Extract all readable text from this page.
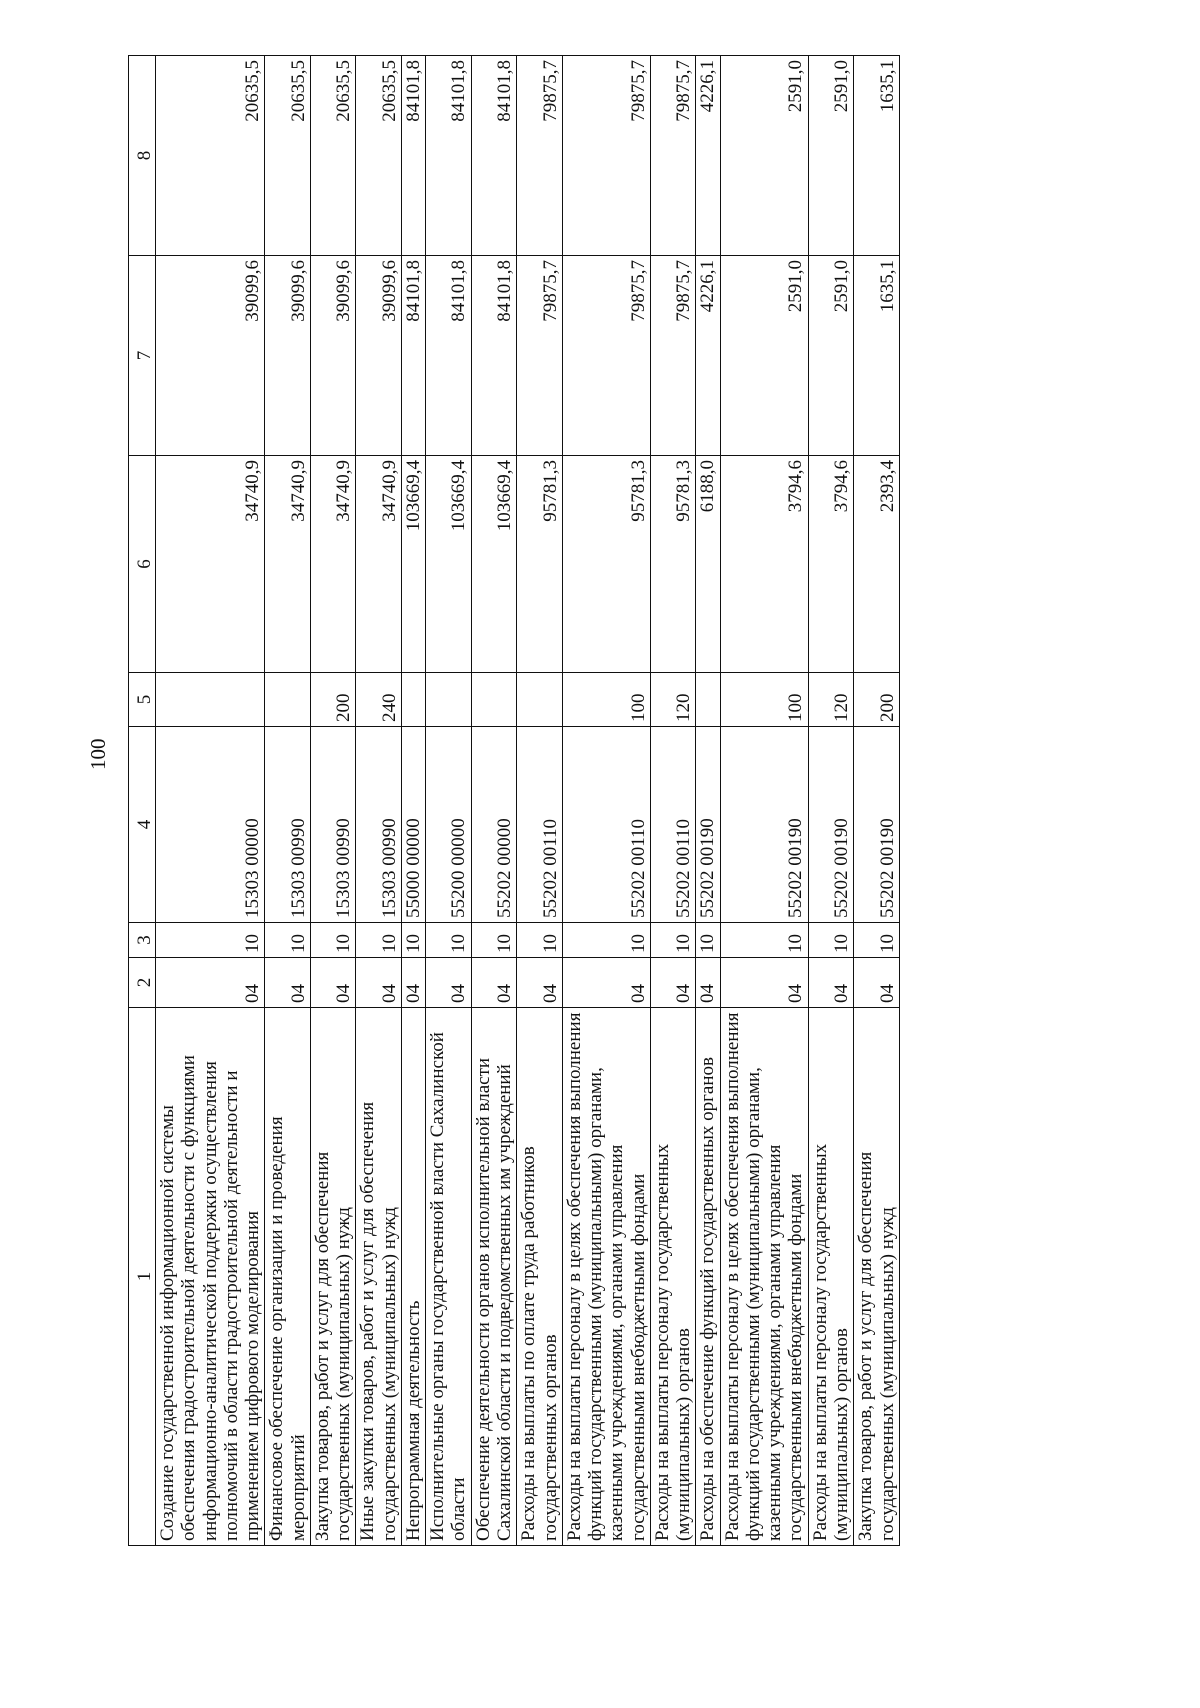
100
1	2	3	4	5	6	7	8
Создание государственной информационной системы обеспечения градостроительной деятельности с функциями информационно-аналитической поддержки осуществления полномочий в области градостроительной деятельности и применением цифрового моделирования	04	10	15303 00000		34740,9	39099,6	20635,5
Финансовое обеспечение организации и проведения мероприятий	04	10	15303 00990		34740,9	39099,6	20635,5
Закупка товаров, работ и услуг для обеспечения государственных (муниципальных) нужд	04	10	15303 00990	200	34740,9	39099,6	20635,5
Иные закупки товаров, работ и услуг для обеспечения государственных (муниципальных) нужд	04	10	15303 00990	240	34740,9	39099,6	20635,5
Непрограммная деятельность	04	10	55000 00000		103669,4	84101,8	84101,8
Исполнительные органы государственной власти Сахалинской области	04	10	55200 00000		103669,4	84101,8	84101,8
Обеспечение деятельности органов исполнительной власти Сахалинской области и подведомственных им учреждений	04	10	55202 00000		103669,4	84101,8	84101,8
Расходы на выплаты по оплате труда работников государственных органов	04	10	55202 00110		95781,3	79875,7	79875,7
Расходы на выплаты персоналу в целях обеспечения выполнения функций государственными (муниципальными) органами, казенными учреждениями, органами управления государственными внебюджетными фондами	04	10	55202 00110	100	95781,3	79875,7	79875,7
Расходы на выплаты персоналу государственных (муниципальных) органов	04	10	55202 00110	120	95781,3	79875,7	79875,7
Расходы на обеспечение функций государственных органов	04	10	55202 00190		6188,0	4226,1	4226,1
Расходы на выплаты персоналу в целях обеспечения выполнения функций государственными (муниципальными) органами, казенными учреждениями, органами управления государственными внебюджетными фондами	04	10	55202 00190	100	3794,6	2591,0	2591,0
Расходы на выплаты персоналу государственных (муниципальных) органов	04	10	55202 00190	120	3794,6	2591,0	2591,0
Закупка товаров, работ и услуг для обеспечения государственных (муниципальных) нужд	04	10	55202 00190	200	2393,4	1635,1	1635,1
